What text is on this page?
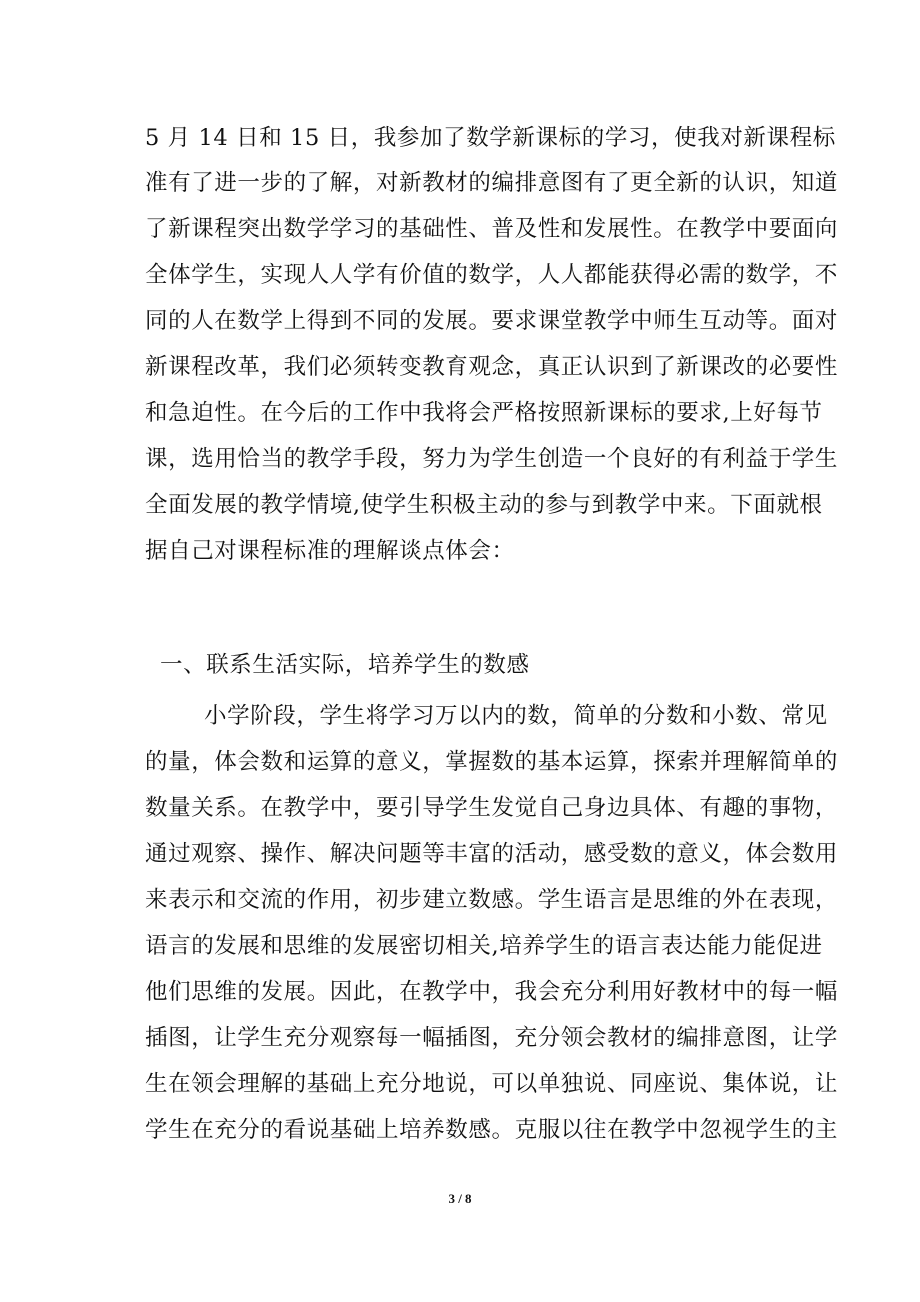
5 月 14 日和 15 日，我参加了数学新课标的学习，使我对新课程标
准有了进一步的了解，对新教材的编排意图有了更全新的认识，知道
了新课程突出数学学习的基础性、普及性和发展性。在教学中要面向
全体学生，实现人人学有价值的数学，人人都能获得必需的数学，不
同的人在数学上得到不同的发展。要求课堂教学中师生互动等。面对
新课程改革，我们必须转变教育观念，真正认识到了新课改的必要性
和急迫性。在今后的工作中我将会严格按照新课标的要求,上好每节
课，选用恰当的教学手段，努力为学生创造一个良好的有利益于学生
全面发展的教学情境,使学生积极主动的参与到教学中来。下面就根
据自己对课程标准的理解谈点体会：
一、联系生活实际，培养学生的数感
小学阶段，学生将学习万以内的数，简单的分数和小数、常见
的量，体会数和运算的意义，掌握数的基本运算，探索并理解简单的
数量关系。在教学中，要引导学生发觉自己身边具体、有趣的事物，
通过观察、操作、解决问题等丰富的活动，感受数的意义，体会数用
来表示和交流的作用，初步建立数感。学生语言是思维的外在表现，
语言的发展和思维的发展密切相关,培养学生的语言表达能力能促进
他们思维的发展。因此，在教学中，我会充分利用好教材中的每一幅
插图，让学生充分观察每一幅插图，充分领会教材的编排意图，让学
生在领会理解的基础上充分地说，可以单独说、同座说、集体说，让
学生在充分的看说基础上培养数感。克服以往在教学中忽视学生的主
3 / 8
